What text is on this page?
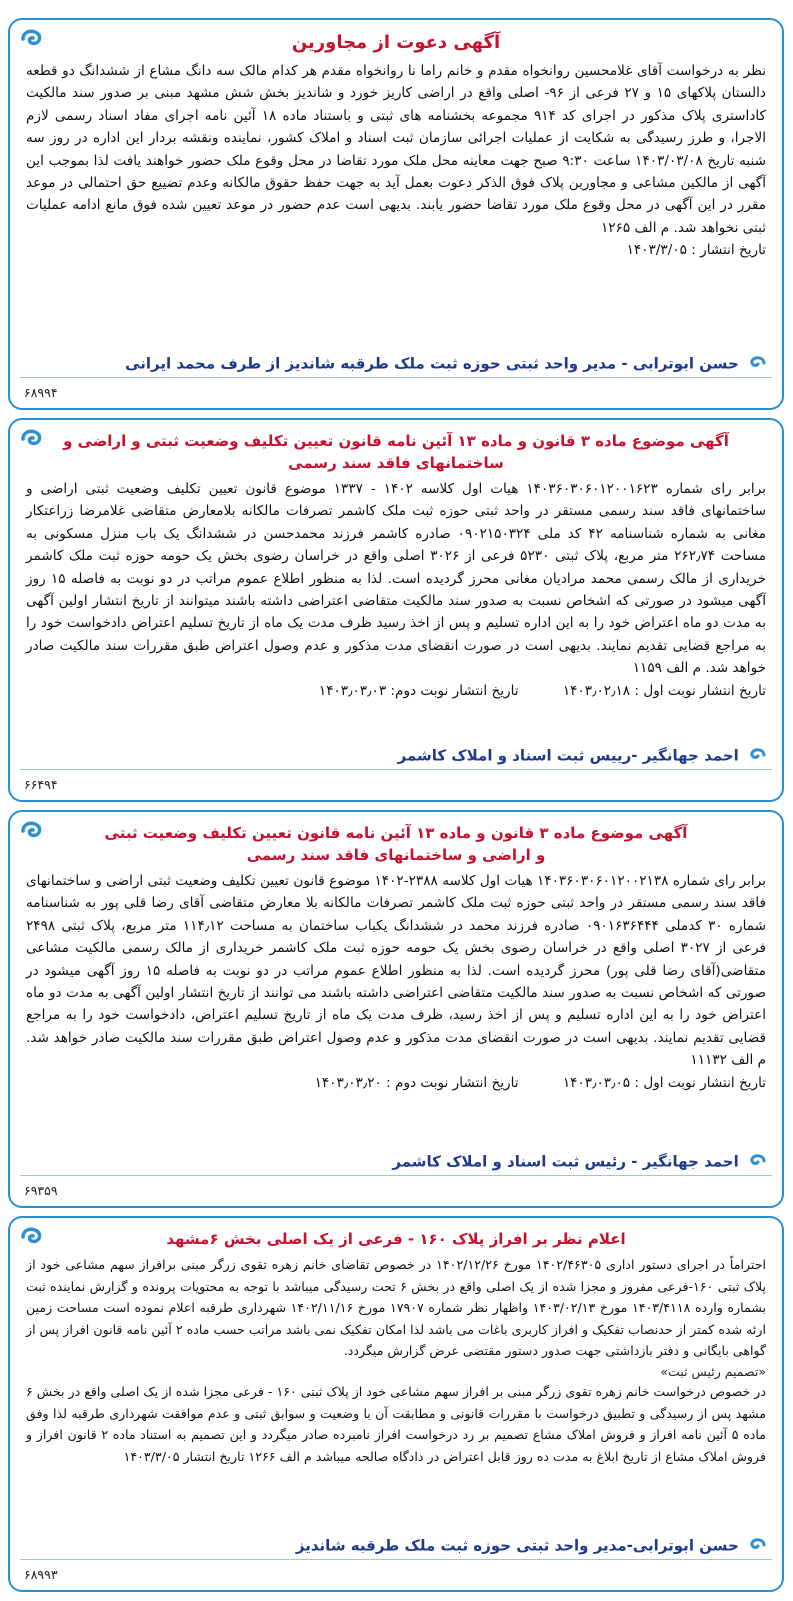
آگهی دعوت از مجاورین

نظر به درخواست آقای غلامحسین روانخواه مقدم و خانم راما نا روانخواه مقدم هر کدام مالک سه دانگ مشاع از ششدانگ دو قطعه دالستان پلاکهای ۱۵ و ۲۷ فرعی از ۹۶- اصلی واقع در اراضی کاریز خورد و شاندیز بخش شش مشهد مبنی بر صدور سند مالکیت کاداستری پلاک مذکور در اجرای کد ۹۱۴ مجموعه بخشنامه های ثبتی و باستناد ماده ۱۸ آئین نامه اجرای مفاد اسناد رسمی لازم الاجرا، و طرز رسیدگی به شکایت از عملیات اجرائی سازمان ثبت اسناد و املاک کشور، نماینده ونقشه بردار این اداره در روز سه شنبه تاریخ ۱۴۰۳/۰۳/۰۸ ساعت ۹:۳۰ صبح جهت معاینه محل ملک مورد تقاضا در محل وقوع ملک حضور خواهند یافت لذا بموجب این آگهی از مالکین مشاعی و مجاورین پلاک فوق الذکر دعوت بعمل آید به جهت حفظ حقوق مالکانه وعدم تضییع حق احتمالی در موعد مقرر در این آگهی در محل وقوع ملک مورد تقاضا حضور یابند. بدیهی است عدم حضور در موعد تعیین شده فوق مانع ادامه عملیات ثبتی نخواهد شد. م الف ۱۲۶۵

تاریخ انتشار : ۱۴۰۳/۳/۰۵

حسن ابوترابی - مدیر واحد ثبتی حوزه ثبت ملک طرقبه شاندیز از طرف محمد ایرانی
۶۸۹۹۴
آگهی موضوع ماده ۳ قانون و ماده ۱۳ آئین نامه قانون تعیین تکلیف وضعیت ثبتی و اراضی و ساختمانهای فاقد سند رسمی

برابر رای شماره ۱۴۰۳۶۰۳۰۶۰۱۲۰۰۱۶۲۳ هیات اول کلاسه ۱۴۰۲ - ۱۳۳۷ موضوع قانون تعیین تکلیف وضعیت ثبتی اراضی و ساختمانهای فاقد سند رسمی مستقر در واحد ثبتی حوزه ثبت ملک کاشمر تصرفات مالکانه بلامعارض متقاضی غلامرضا زراعتکار مغانی به شماره شناسنامه ۴۲ کد ملی ۰۹۰۲۱۵۰۳۲۴ صادره کاشمر فرزند محمدحسن در ششدانگ یک باب منزل مسکونی به مساحت ۲۶۲٫۷۴ متر مربع، پلاک ثبتی ۵۲۳۰ فرعی از ۳۰۲۶ اصلی واقع در خراسان رضوی بخش یک حومه حوزه ثبت ملک کاشمر خریداری از مالک رسمی محمد مرادیان مغانی محرز گردیده است. لذا به منظور اطلاع عموم مراتب در دو نوبت به فاصله ۱۵ روز آگهی میشود در صورتی که اشخاص نسبت به صدور سند مالکیت متقاضی اعتراضی داشته باشند میتوانند از تاریخ انتشار اولین آگهی به مدت دو ماه اعتراض خود را به این اداره تسلیم و پس از اخذ رسید ظرف مدت یک ماه از تاریخ تسلیم اعتراض دادخواست خود را به مراجع قضایی تقدیم نمایند. بدیهی است در صورت انقضای مدت مذکور و عدم وصول اعتراض طبق مقررات سند مالکیت صادر خواهد شد. م الف ۱۱۵۹

تاریخ انتشار نوبت اول : ۱۴۰۳٫۰۲٫۱۸ تاریخ انتشار نوبت دوم: ۱۴۰۳٫۰۳٫۰۳
احمد جهانگیر -رییس ثبت اسناد و املاک کاشمر
۶۶۴۹۴
آگهی موضوع ماده ۳ قانون و ماده ۱۳ آئین نامه قانون تعیین تکلیف وضعیت ثبتی
و اراضی و ساختمانهای فاقد سند رسمی

برابر رای شماره ۱۴۰۳۶۰۳۰۶۰۱۲۰۰۲۱۳۸ هیات اول کلاسه ۲۳۸۸-۱۴۰۲ موضوع قانون تعیین تکلیف وضعیت ثبتی اراضی و ساختمانهای فاقد سند رسمی مستقر در واحد ثبتی حوزه ثبت ملک کاشمر تصرفات مالکانه بلا معارض متقاضی آقای رضا قلی پور به شناسنامه شماره ۳۰ کدملی ۰۹۰۱۶۳۶۴۴۴ صادره فرزند محمد در ششدانگ یکباب ساختمان به مساحت ۱۱۴٫۱۲ متر مربع، پلاک ثبتی ۲۴۹۸ فرعی از ۳۰۲۷ اصلی واقع در خراسان رضوی بخش یک حومه حوزه ثبت ملک کاشمر خریداری از مالک رسمی مالکیت مشاعی متقاضی(آقای رضا قلی پور) محرز گردیده است. لذا به منظور اطلاع عموم مراتب در دو نوبت به فاصله ۱۵ روز آگهی میشود در صورتی که اشخاص نسبت به صدور سند مالکیت متقاضی اعتراضی داشته باشند می توانند از تاریخ انتشار اولین آگهی به مدت دو ماه اعتراض خود را به این اداره تسلیم و پس از اخذ رسید، ظرف مدت یک ماه از تاریخ تسلیم اعتراض، دادخواست خود را به مراجع قضایی تقدیم نمایند. بدیهی است در صورت انقضای مدت مذکور و عدم وصول اعتراض طبق مقررات سند مالکیت صادر خواهد شد. م الف ۱۱۱۳۲

تاریخ انتشار نوبت اول : ۱۴۰۳٫۰۳٫۰۵ تاریخ انتشار نوبت دوم : ۱۴۰۳٫۰۳٫۲۰
احمد جهانگیر - رئیس ثبت اسناد و املاک کاشمر
۶۹۳۵۹
اعلام نظر بر افراز پلاک ۱۶۰ - فرعی از یک اصلی بخش ۶مشهد

احتراماً در اجرای دستور اداری ۱۴۰۲/۴۶۳۰۵ مورخ ۱۴۰۲/۱۲/۲۶ در خصوص تقاضای خانم زهره تقوی زرگر مبنی برافراز سهم مشاعی خود از پلاک ثبتی ۱۶۰-فرعی مفروز و مجزا شده از یک اصلی واقع در بخش ۶ تحت رسیدگی میباشد با توجه به محتویات پرونده و گزارش نماینده ثبت بشماره وارده ۱۴۰۳/۴۱۱۸ مورخ ۱۴۰۳/۰۲/۱۳ واظهار نظر شماره ۱۷۹۰۷ مورخ ۱۴۰۲/۱۱/۱۶ شهرداری طرقبه اعلام نموده است مساحت زمین ارئه شده کمتر از حدنصاب تفکیک و افراز کاربری باغات می باشد لذا امکان تفکیک نمی باشد مراتب حسب ماده ۲ آئین نامه قانون افراز پس از گواهی بایگانی و دفتر بازداشتی جهت صدور دستور مقتضی عرض گزارش میگردد.

«تصمیم رئیس ثبت»

در خصوص درخواست خانم زهره تقوی زرگر مبنی بر افراز سهم مشاعی خود از پلاک ثبتی ۱۶۰ - فرعی مجزا شده از یک اصلی واقع در بخش ۶ مشهد پس از رسیدگی و تطبیق درخواست با مقررات قانونی و مطابقت آن با وضعیت و سوابق ثبتی و عدم موافقت شهرداری طرقبه لذا وفق ماده ۵ آئین نامه افراز و فروش املاک مشاع تصمیم بر رد درخواست افراز نامبرده صادر میگردد و این تصمیم به استناد ماده ۲ قانون افراز و فروش املاک مشاع از تاریخ ابلاغ به مدت ده روز قابل اعتراض در دادگاه صالحه میباشد م الف ۱۲۶۶ تاریخ انتشار ۱۴۰۳/۳/۰۵

حسن ابوترابی-مدیر واحد ثبتی حوزه ثبت ملک طرقبه شاندیز
۶۸۹۹۳
